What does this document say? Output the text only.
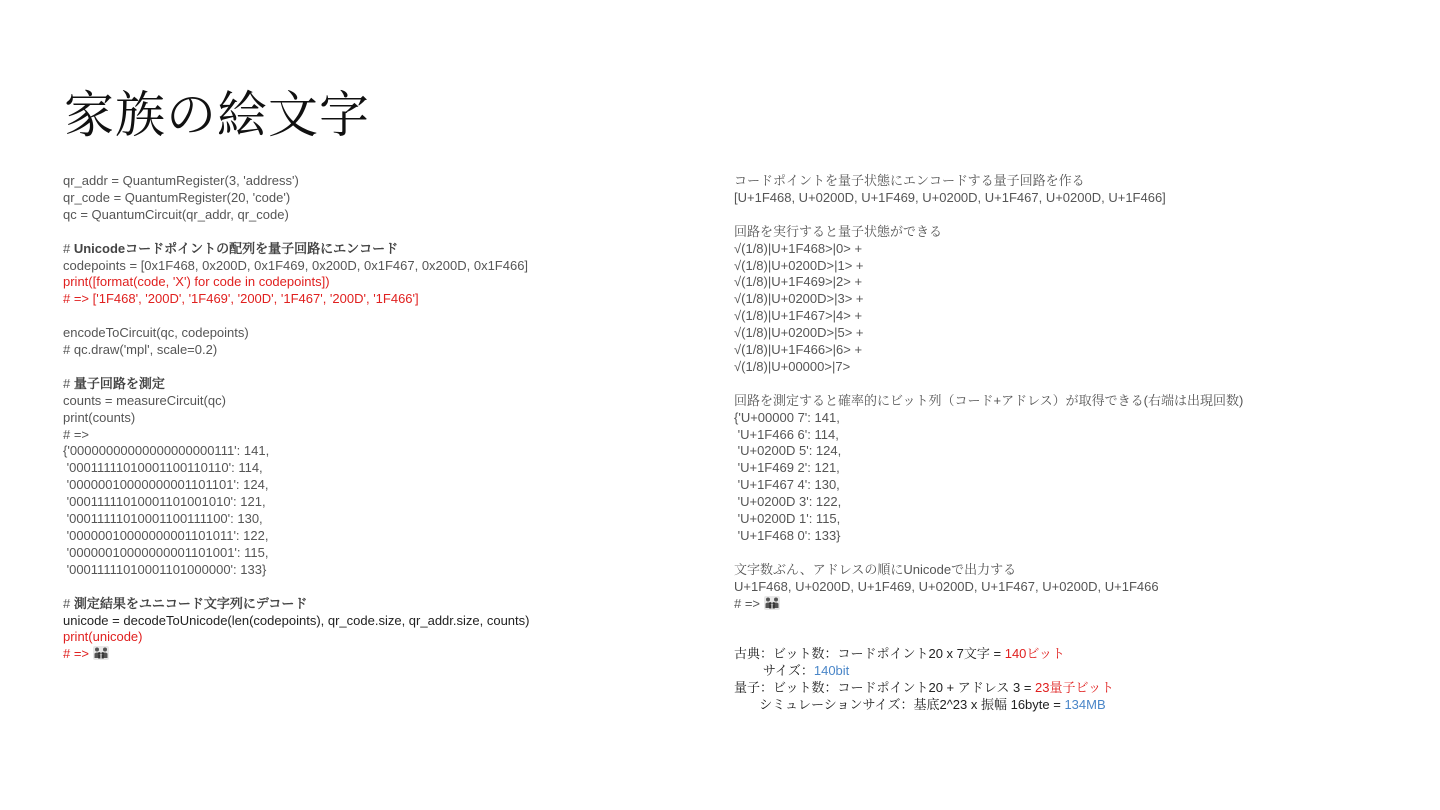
家族の絵文字
qr_addr = QuantumRegister(3, 'address')
qr_code = QuantumRegister(20, 'code')
qc = QuantumCircuit(qr_addr, qr_code)
# Unicodeコードポイントの配列を量子回路にエンコード
codepoints = [0x1F468, 0x200D, 0x1F469, 0x200D, 0x1F467, 0x200D, 0x1F466]
print([format(code, 'X') for code in codepoints])
# => ['1F468', '200D', '1F469', '200D', '1F467', '200D', '1F466']
encodeToCircuit(qc, codepoints)
# qc.draw('mpl', scale=0.2)
# 量子回路を測定
counts = measureCircuit(qc)
print(counts)
# =>
{'00000000000000000000111': 141,
'00011111010001100110110': 114,
'00000010000000001101101': 124,
'00011111010001101001010': 121,
'00011111010001100111100': 130,
'00000010000000001101011': 122,
'00000010000000001101001': 115,
'00011111010001101000000': 133}
# 測定結果をユニコード文字列にデコード
unicode = decodeToUnicode(len(codepoints), qr_code.size, qr_addr.size, counts)
print(unicode)
# =>
コードポイントを量子状態にエンコードする量子回路を作る
[U+1F468, U+0200D, U+1F469, U+0200D, U+1F467, U+0200D, U+1F466]
回路を実行すると量子状態ができる
√(1/8)|U+1F468>|0> +
√(1/8)|U+0200D>|1> +
√(1/8)|U+1F469>|2> +
√(1/8)|U+0200D>|3> +
√(1/8)|U+1F467>|4> +
√(1/8)|U+0200D>|5> +
√(1/8)|U+1F466>|6> +
√(1/8)|U+00000>|7>
回路を測定すると確率的にビット列（コード+アドレス）が取得できる(右端は出現回数)
{'U+00000 7': 141,
'U+1F466 6': 114,
'U+0200D 5': 124,
'U+1F469 2': 121,
'U+1F467 4': 130,
'U+0200D 3': 122,
'U+0200D 1': 115,
'U+1F468 0': 133}
文字数ぶん、アドレスの順にUnicodeで出力する
U+1F468, U+0200D, U+1F469, U+0200D, U+1F467, U+0200D, U+1F466
# =>
古典：ビット数：コードポイント20 x 7文字 = 140ビット
サイズ：140bit
量子：ビット数：コードポイント20 + アドレス 3 = 23量子ビット
シミュレーションサイズ：基底2^23 x 振幅 16byte = 134MB
